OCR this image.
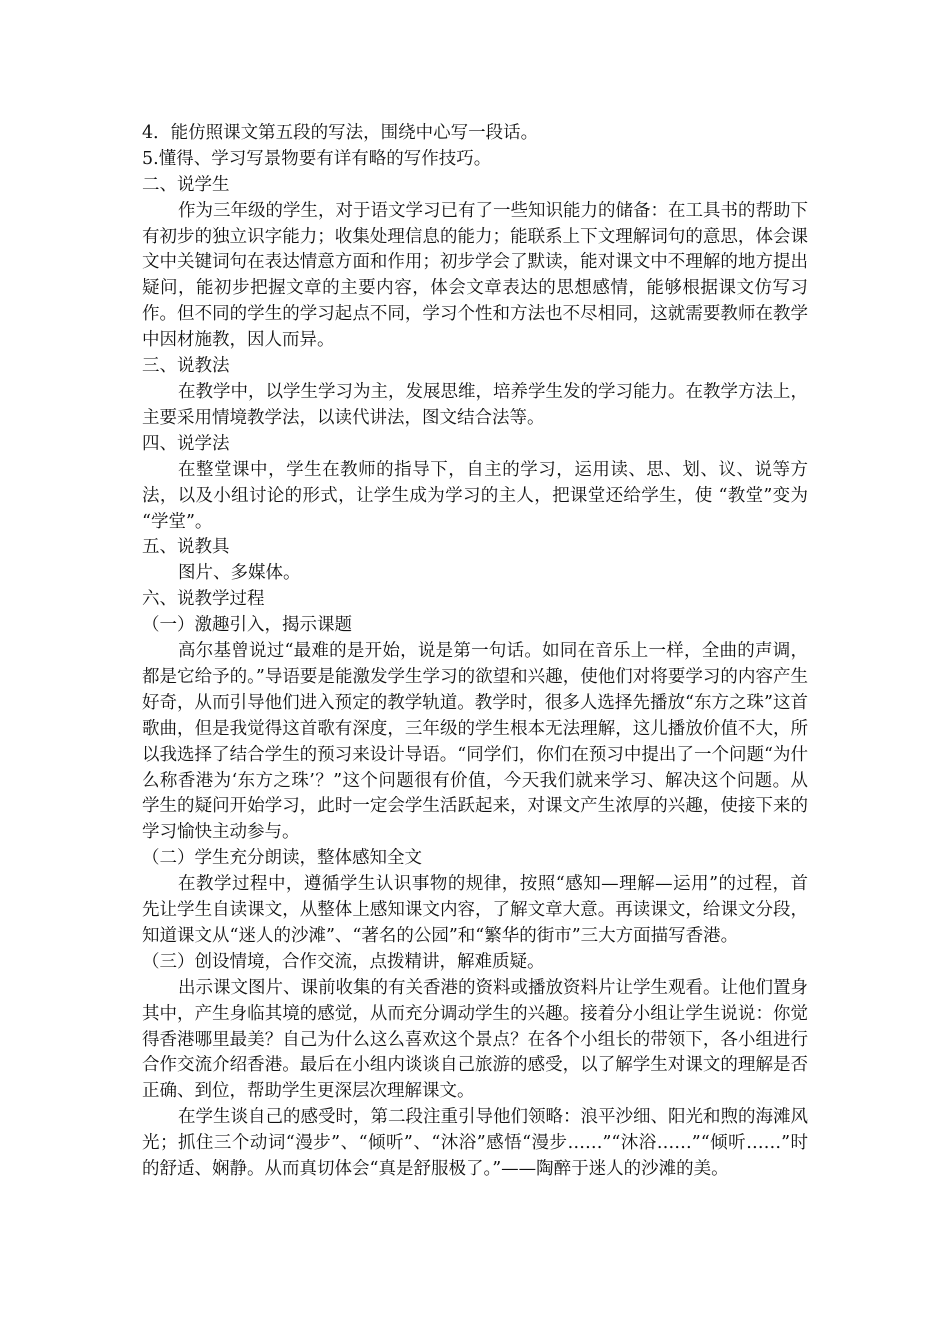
4．能仿照课文第五段的写法，围绕中心写一段话。

5.懂得、学习写景物要有详有略的写作技巧。

二、说学生

作为三年级的学生，对于语文学习已有了一些知识能力的储备：在工具书的帮助下有初步的独立识字能力；收集处理信息的能力；能联系上下文理解词句的意思，体会课文中关键词句在表达情意方面和作用；初步学会了默读，能对课文中不理解的地方提出疑问，能初步把握文章的主要内容，体会文章表达的思想感情，能够根据课文仿写习作。但不同的学生的学习起点不同，学习个性和方法也不尽相同，这就需要教师在教学中因材施教，因人而异。

三、说教法

在教学中，以学生学习为主，发展思维，培养学生发的学习能力。在教学方法上，主要采用情境教学法，以读代讲法，图文结合法等。

四、说学法

在整堂课中，学生在教师的指导下，自主的学习，运用读、思、划、议、说等方法，以及小组讨论的形式，让学生成为学习的主人，把课堂还给学生，使 “教堂”变为 “学堂”。

五、说教具

图片、多媒体。

六、说教学过程

（一）激趣引入，揭示课题

高尔基曾说过“最难的是开始，说是第一句话。如同在音乐上一样，全曲的声调，都是它给予的。”导语要是能激发学生学习的欲望和兴趣，使他们对将要学习的内容产生好奇，从而引导他们进入预定的教学轨道。教学时，很多人选择先播放“东方之珠”这首歌曲，但是我觉得这首歌有深度，三年级的学生根本无法理解，这儿播放价值不大，所以我选择了结合学生的预习来设计导语。“同学们，你们在预习中提出了一个问题“为什么称香港为‘东方之珠’？”这个问题很有价值，今天我们就来学习、解决这个问题。从学生的疑问开始学习，此时一定会学生活跃起来，对课文产生浓厚的兴趣，使接下来的学习愉快主动参与。

（二）学生充分朗读，整体感知全文

在教学过程中，遵循学生认识事物的规律，按照“感知—理解—运用”的过程，首先让学生自读课文，从整体上感知课文内容，了解文章大意。再读课文，给课文分段，知道课文从“迷人的沙滩”、“著名的公园”和“繁华的街市”三大方面描写香港。

（三）创设情境，合作交流，点拨精讲，解难质疑。

出示课文图片、课前收集的有关香港的资料或播放资料片让学生观看。让他们置身其中，产生身临其境的感觉，从而充分调动学生的兴趣。接着分小组让学生说说：你觉得香港哪里最美？自己为什么这么喜欢这个景点？在各个小组长的带领下，各小组进行合作交流介绍香港。最后在小组内谈谈自己旅游的感受，以了解学生对课文的理解是否正确、到位，帮助学生更深层次理解课文。

在学生谈自己的感受时，第二段注重引导他们领略：浪平沙细、阳光和煦的海滩风光；抓住三个动词“漫步”、“倾听”、“沐浴”感悟“漫步……”“沐浴……”“倾听……”时的舒适、娴静。从而真切体会“真是舒服极了。”——陶醉于迷人的沙滩的美。
